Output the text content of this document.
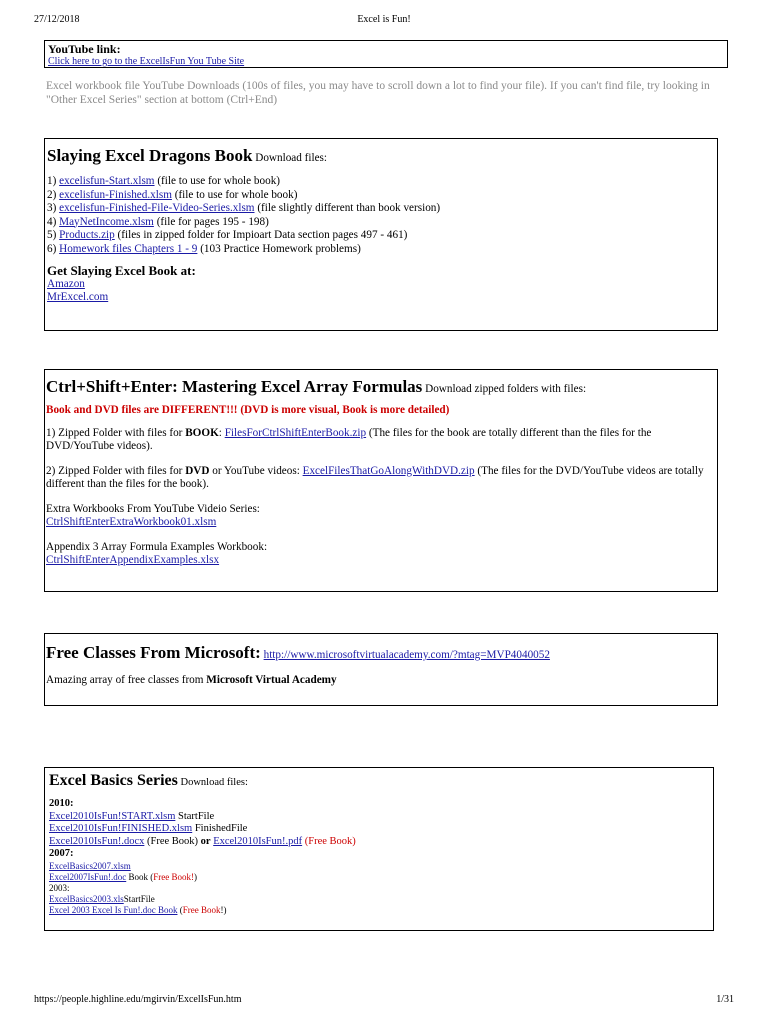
27/12/2018	Excel is Fun!
YouTube link:
Click here to go to the ExcelIsFun You Tube Site
Excel workbook file YouTube Downloads (100s of files, you may have to scroll down a lot to find your file). If you can't find file, try looking in "Other Excel Series" section at bottom (Ctrl+End)

Slaying Excel Dragons Book Download files:

1) excelisfun-Start.xlsm (file to use for whole book)

2) excelisfun-Finished.xlsm (file to use for whole book)

3) excelisfun-Finished-File-Video-Series.xlsm (file slightly different than book version)

4) MayNetIncome.xlsm (file for pages 195 - 198)

5) Products.zip (files in zipped folder for Impioart Data section pages 497 - 461)

6) Homework files Chapters 1 - 9 (103 Practice Homework problems)

Get Slaying Excel Book at:

Amazon

MrExcel.com

Ctrl+Shift+Enter: Mastering Excel Array Formulas Download zipped folders with files:

Book and DVD files are DIFFERENT!!! (DVD is more visual, Book is more detailed)

1) Zipped Folder with files for BOOK: FilesForCtrlShiftEnterBook.zip (The files for the book are totally different than the files for the DVD/YouTube videos).

2) Zipped Folder with files for DVD or YouTube videos: ExcelFilesThatGoAlongWithDVD.zip (The files for the DVD/YouTube videos are totally different than the files for the book).

Extra Workbooks From YouTube Vidеio Series:

CtrlShiftEnterExtraWorkbook01.xlsm

Appendix 3 Array Formula Examples Workbook:

CtrlShiftEnterAppendixExamples.xlsx

Free Classes From Microsoft: http://www.microsoftvirtualacademy.com/?mtag=MVP4040052

Amazing array of free classes from Microsoft Virtual Academy

Excel Basics Series Download files:

2010:

Excel2010IsFun!START.xlsm StartFile

Excel2010IsFun!FINISHED.xlsm FinishedFile

Excel2010IsFun!.docx (Free Book) or Excel2010IsFun!.pdf (Free Book)

2007:

ExcelBasics2007.xlsm

Excel2007IsFun!.doc Book (Free Book!)

2003:

ExcelBasics2003.xlsStartFile

Excel 2003 Excel Is Fun!.doc Book (Free Book!)

https://people.highline.edu/mgirvin/ExcelIsFun.htm	1/31
